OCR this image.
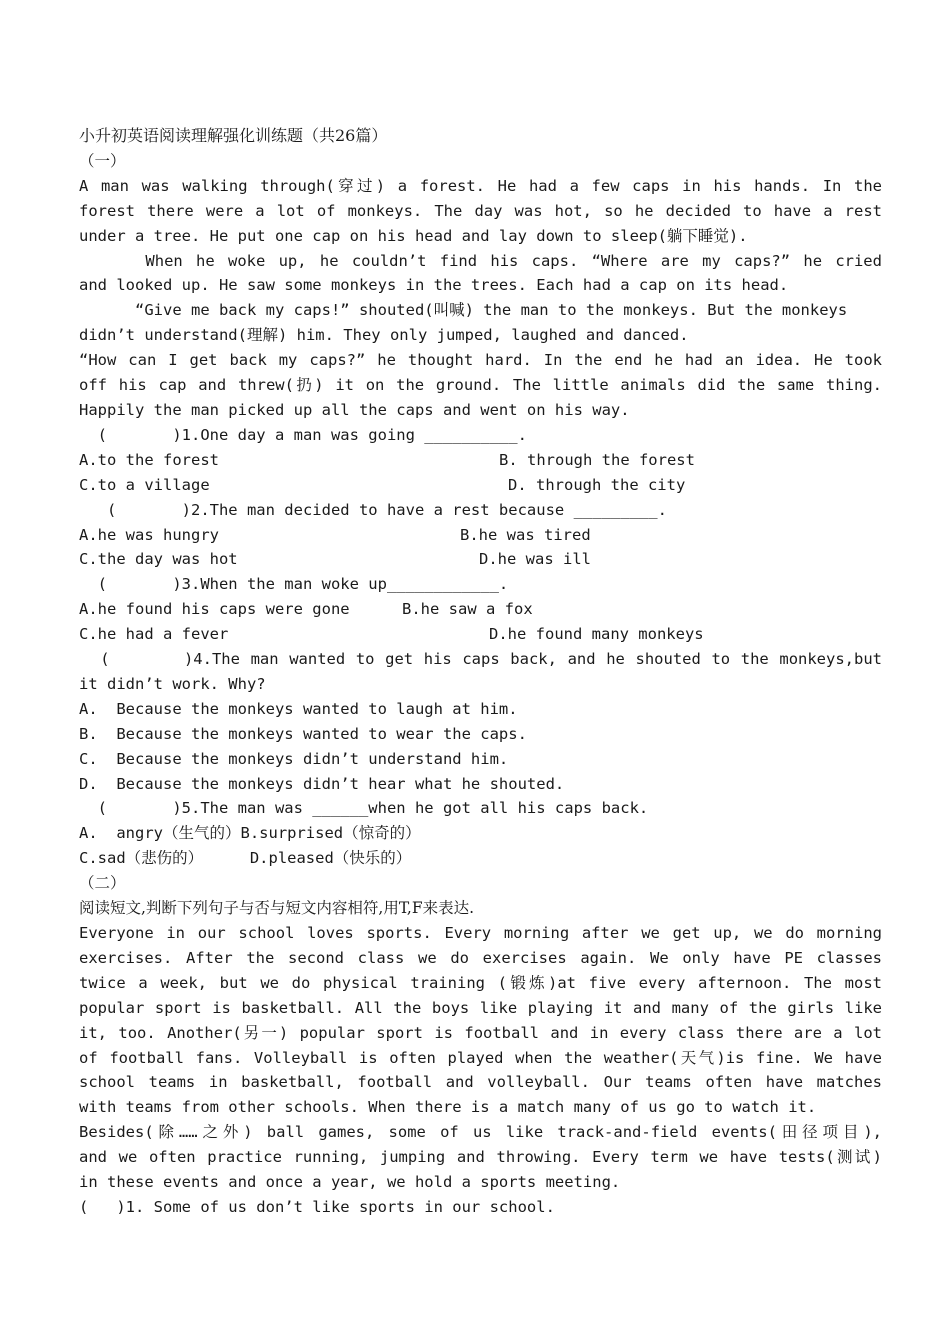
小升初英语阅读理解强化训练题（共26篇）
（一）
A man was walking through(穿过) a forest. He had a few caps in his hands. In the
forest there were a lot of monkeys. The day was hot, so he decided to have a rest
under a tree. He put one cap on his head and lay down to sleep(躺下睡觉).
When he woke up, he couldn’t find his caps. “Where are my caps?” he cried
and looked up. He saw some monkeys in the trees. Each had a cap on its head.
“Give me back my caps!” shouted(叫喊) the man to the monkeys. But the monkeys
didn’t understand(理解) him. They only jumped, laughed and danced.
“How can I get back my caps?” he thought hard. In the end he had an idea. He took
off his cap and threw(扔) it on the ground. The little animals did the same thing.
Happily the man picked up all the caps and went on his way.
(       )1.One day a man was going __________.
A.to the forest	B. through the forest
C.to a village	D. through the city
(       )2.The man decided to have a rest because _________.
A.he was hungry	B.he was tired
C.the day was hot	D.he was ill
(       )3.When the man woke up____________.
A.he found his caps were gone	B.he saw a fox
C.he had a fever	D.he found many monkeys
(       )4.The man wanted to get his caps back, and he shouted to the monkeys,but
it didn’t work. Why?
A.  Because the monkeys wanted to laugh at him.
B.  Because the monkeys wanted to wear the caps.
C.  Because the monkeys didn’t understand him.
D.  Because the monkeys didn’t hear what he shouted.
(       )5.The man was ______when he got all his caps back.
A.  angry（生气的）B.surprised（惊奇的）
C.sad（悲伤的）     D.pleased（快乐的）
（二）
阅读短文,判断下列句子与否与短文内容相符,用T,F来表达.
Everyone in our school loves sports. Every morning after we get up, we do morning
exercises. After the second class we do exercises again. We only have PE classes
twice a week, but we do physical training (锻炼)at five every afternoon. The most
popular sport is basketball. All the boys like playing it and many of the girls like
it, too. Another(另一) popular sport is football and in every class there are a lot
of football fans. Volleyball is often played when the weather(天气)is fine. We have
school teams in basketball, football and volleyball. Our teams often have matches
with teams from other schools. When there is a match many of us go to watch it.
Besides(除……之外) ball games, some of us like track-and-field events(田径项目),
and we often practice running, jumping and throwing. Every term we have tests(测试)
in these events and once a year, we hold a sports meeting.
(   )1. Some of us don’t like sports in our school.
